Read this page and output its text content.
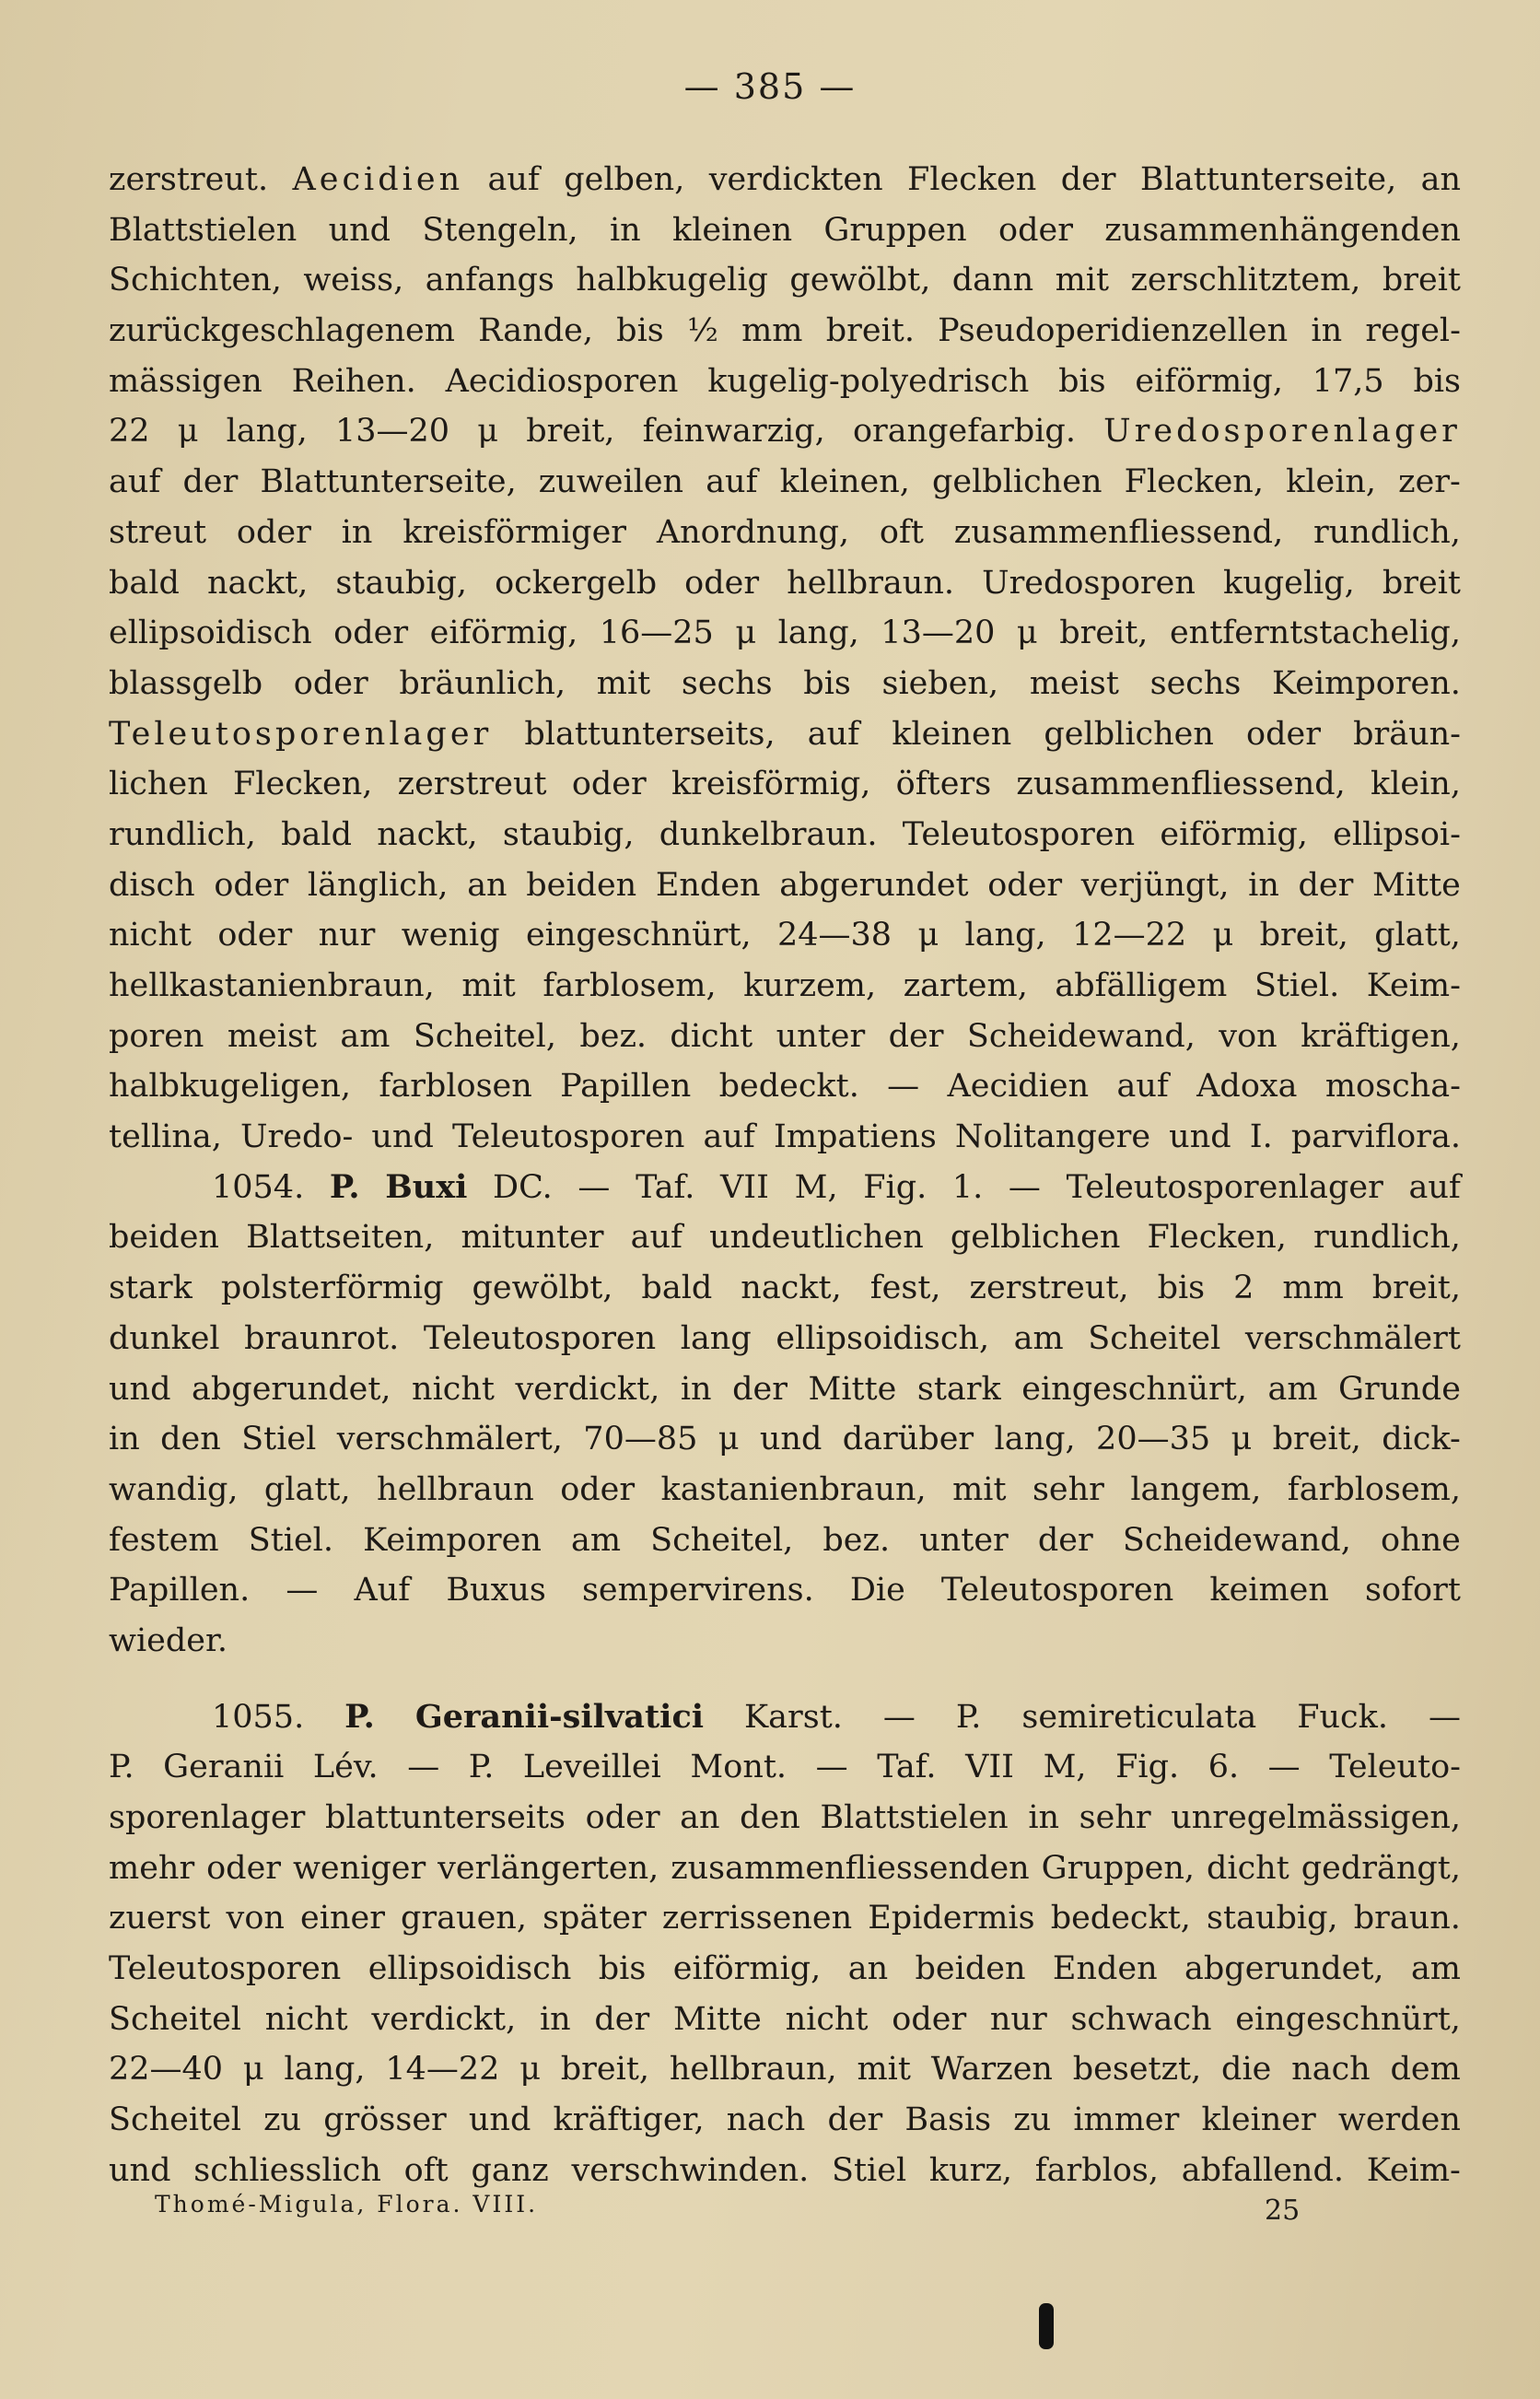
— 385 —
zerstreut. Aecidien auf gelben, verdickten Flecken der Blattunterseite, an
Blattstielen und Stengeln, in kleinen Gruppen oder zusammenhängenden
Schichten, weiss, anfangs halbkugelig gewölbt, dann mit zerschlitztem, breit
zurückgeschlagenem Rande, bis ½ mm breit. Pseudoperidienzellen in regel-
mässigen Reihen. Aecidiosporen kugelig-polyedrisch bis eiförmig, 17,5 bis
22 μ lang, 13—20 μ breit, feinwarzig, orangefarbig. Uredosporenlager
auf der Blattunterseite, zuweilen auf kleinen, gelblichen Flecken, klein, zer-
streut oder in kreisförmiger Anordnung, oft zusammenfliessend, rundlich,
bald nackt, staubig, ockergelb oder hellbraun. Uredosporen kugelig, breit
ellipsoidisch oder eiförmig, 16—25 μ lang, 13—20 μ breit, entferntstachelig,
blassgelb oder bräunlich, mit sechs bis sieben, meist sechs Keimporen.
Teleutosporenlager blattunterseits, auf kleinen gelblichen oder bräun-
lichen Flecken, zerstreut oder kreisförmig, öfters zusammenfliessend, klein,
rundlich, bald nackt, staubig, dunkelbraun. Teleutosporen eiförmig, ellipsoi-
disch oder länglich, an beiden Enden abgerundet oder verjüngt, in der Mitte
nicht oder nur wenig eingeschnürt, 24—38 μ lang, 12—22 μ breit, glatt,
hellkastanienbraun, mit farblosem, kurzem, zartem, abfälligem Stiel. Keim-
poren meist am Scheitel, bez. dicht unter der Scheidewand, von kräftigen,
halbkugeligen, farblosen Papillen bedeckt. — Aecidien auf Adoxa moscha-
tellina, Uredo- und Teleutosporen auf Impatiens Nolitangere und I. parviflora.
1054. P. Buxi DC. — Taf. VII M, Fig. 1. — Teleutosporenlager auf
beiden Blattseiten, mitunter auf undeutlichen gelblichen Flecken, rundlich,
stark polsterförmig gewölbt, bald nackt, fest, zerstreut, bis 2 mm breit,
dunkel braunrot. Teleutosporen lang ellipsoidisch, am Scheitel verschmälert
und abgerundet, nicht verdickt, in der Mitte stark eingeschnürt, am Grunde
in den Stiel verschmälert, 70—85 μ und darüber lang, 20—35 μ breit, dick-
wandig, glatt, hellbraun oder kastanienbraun, mit sehr langem, farblosem,
festem Stiel. Keimporen am Scheitel, bez. unter der Scheidewand, ohne
Papillen. — Auf Buxus sempervirens. Die Teleutosporen keimen sofort
wieder.
1055. P. Geranii-silvatici Karst. — P. semireticulata Fuck. —
P. Geranii Lév. — P. Leveillei Mont. — Taf. VII M, Fig. 6. — Teleuto-
sporenlager blattunterseits oder an den Blattstielen in sehr unregelmässigen,
mehr oder weniger verlängerten, zusammenfliessenden Gruppen, dicht gedrängt,
zuerst von einer grauen, später zerrissenen Epidermis bedeckt, staubig, braun.
Teleutosporen ellipsoidisch bis eiförmig, an beiden Enden abgerundet, am
Scheitel nicht verdickt, in der Mitte nicht oder nur schwach eingeschnürt,
22—40 μ lang, 14—22 μ breit, hellbraun, mit Warzen besetzt, die nach dem
Scheitel zu grösser und kräftiger, nach der Basis zu immer kleiner werden
und schliesslich oft ganz verschwinden. Stiel kurz, farblos, abfallend. Keim-
Thomé-Migula, Flora. VIII.	25
